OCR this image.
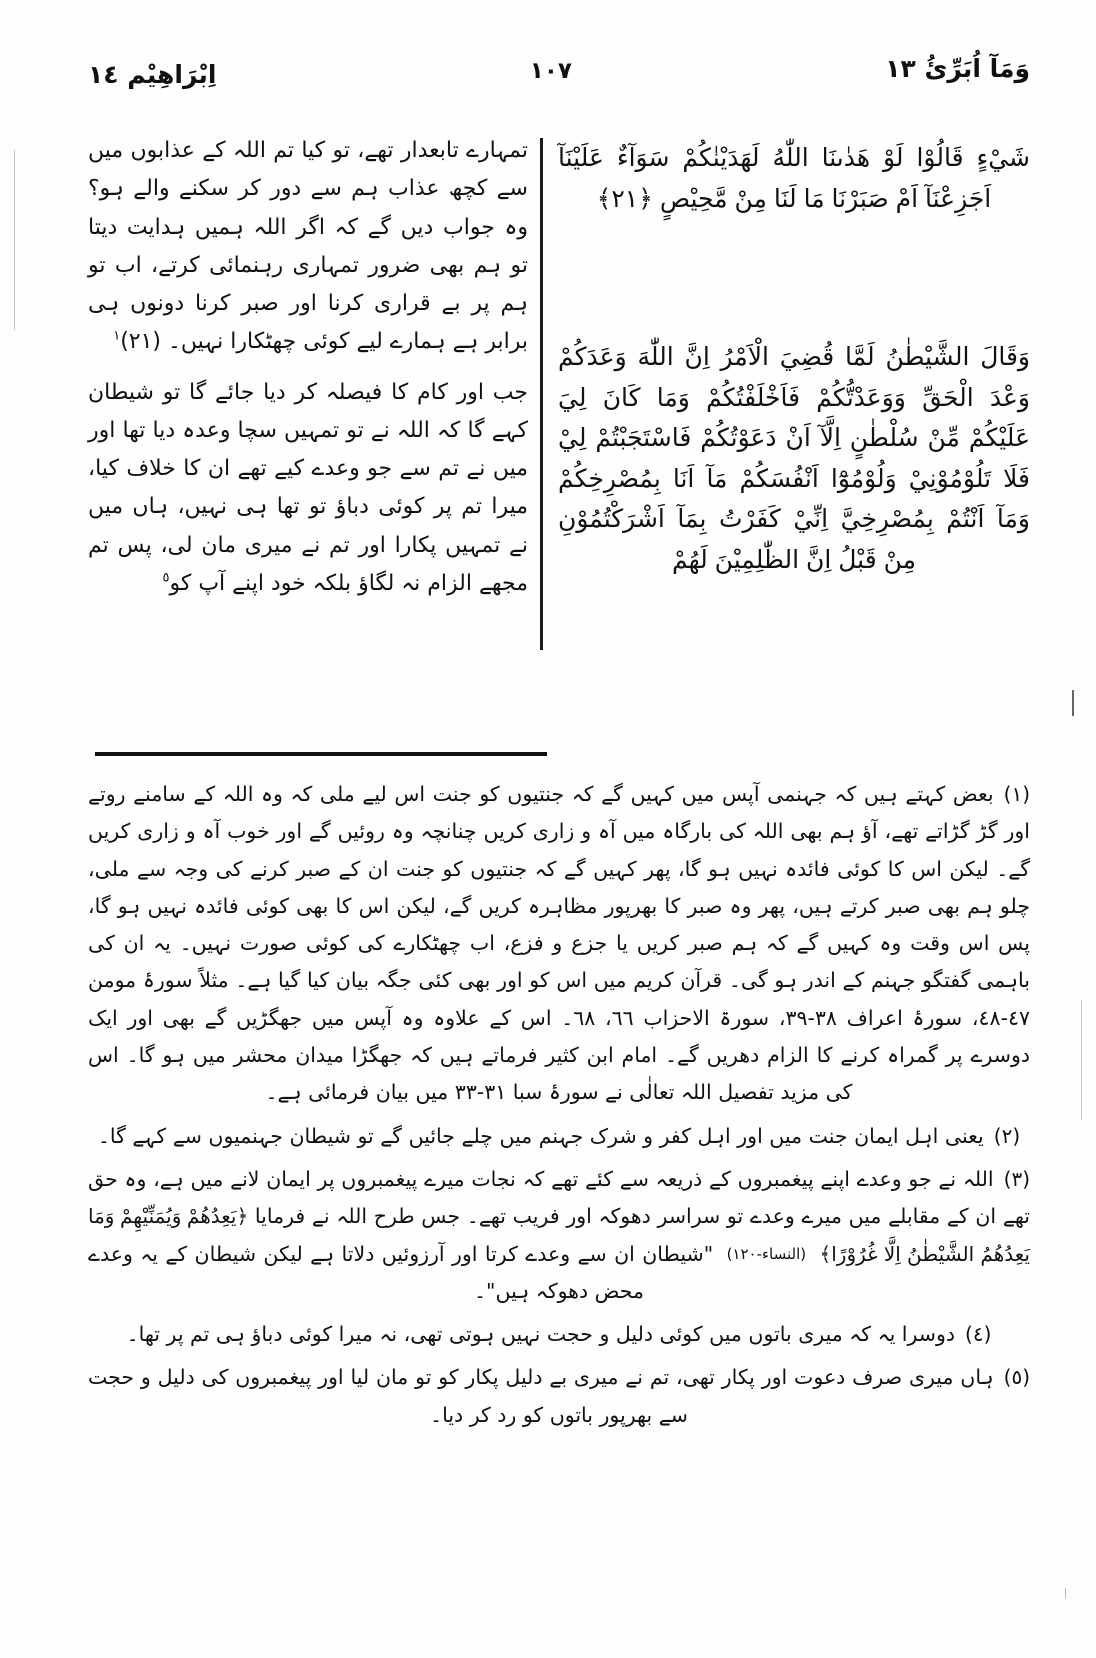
وَمَآ اُبَرِّئُ ١٣
١٠٧
اِبْرَاهِيْم ١٤
شَيْءٍ قَالُوْا لَوْ هَدٰىنَا اللّٰهُ لَهَدَيْنٰكُمْ سَوَآءٌ عَلَيْنَآ اَجَزِعْنَآ اَمْ صَبَرْنَا مَا لَنَا مِنْ مَّحِيْصٍ ﴿٢١﴾
وَقَالَ الشَّيْطٰنُ لَمَّا قُضِيَ الْاَمْرُ اِنَّ اللّٰهَ وَعَدَكُمْ وَعْدَ الْحَقِّ وَوَعَدْتُّكُمْ فَاَخْلَفْتُكُمْ وَمَا كَانَ لِيَ عَلَيْكُمْ مِّنْ سُلْطٰنٍ اِلَّآ اَنْ دَعَوْتُكُمْ فَاسْتَجَبْتُمْ لِيْ فَلَا تَلُوْمُوْنِيْ وَلُوْمُوْٓا اَنْفُسَكُمْ مَآ اَنَا بِمُصْرِخِكُمْ وَمَآ اَنْتُمْ بِمُصْرِخِيَّ اِنِّيْ كَفَرْتُ بِمَآ اَشْرَكْتُمُوْنِ مِنْ قَبْلُ اِنَّ الظّٰلِمِيْنَ لَهُمْ
تمہارے تابعدار تھے، تو کیا تم اللہ کے عذابوں میں سے کچھ عذاب ہم سے دور کر سکنے والے ہو؟ وہ جواب دیں گے کہ اگر اللہ ہمیں ہدایت دیتا تو ہم بھی ضرور تمہاری رہنمائی کرتے، اب تو ہم پر بے قراری کرنا اور صبر کرنا دونوں ہی برابر ہے ہمارے لیے کوئی چھٹکارا نہیں۔ (٢١)$^١$
جب اور کام کا فیصلہ کر دیا جائے گا تو شیطان کہے گا کہ اللہ نے تو تمہیں سچا وعدہ دیا تھا اور میں نے تم سے جو وعدے کیے تھے ان کا خلاف کیا، میرا تم پر کوئی دباؤ تو تھا ہی نہیں، ہاں میں نے تمہیں پکارا اور تم نے میری مان لی، پس تم مجھے الزام نہ لگاؤ بلکہ خود اپنے آپ کو$^٥$
(١)بعض کہتے ہیں کہ جہنمی آپس میں کہیں گے کہ جنتیوں کو جنت اس لیے ملی کہ وہ اللہ کے سامنے روتے اور گڑ گڑاتے تھے، آؤ ہم بھی اللہ کی بارگاہ میں آہ و زاری کریں چنانچہ وہ روئیں گے اور خوب آہ و زاری کریں گے۔ لیکن اس کا کوئی فائدہ نہیں ہو گا، پھر کہیں گے کہ جنتیوں کو جنت ان کے صبر کرنے کی وجہ سے ملی، چلو ہم بھی صبر کرتے ہیں، پھر وہ صبر کا بھرپور مظاہرہ کریں گے، لیکن اس کا بھی کوئی فائدہ نہیں ہو گا، پس اس وقت وہ کہیں گے کہ ہم صبر کریں یا جزع و فزع، اب چھٹکارے کی کوئی صورت نہیں۔ یہ ان کی باہمی گفتگو جہنم کے اندر ہو گی۔ قرآن کریم میں اس کو اور بھی کئی جگہ بیان کیا گیا ہے۔ مثلاً سورۂ مومن ٤٧-٤٨، سورۂ اعراف ٣٨-٣٩، سورۃ الاحزاب ٦٦، ٦٨۔ اس کے علاوہ وہ آپس میں جھگڑیں گے بھی اور ایک دوسرے پر گمراہ کرنے کا الزام دھریں گے۔ امام ابن کثیر فرماتے ہیں کہ جھگڑا میدان محشر میں ہو گا۔ اس کی مزید تفصیل اللہ تعالٰی نے سورۂ سبا ٣١-٣٣ میں بیان فرمائی ہے۔
(٢)یعنی اہل ایمان جنت میں اور اہل کفر و شرک جہنم میں چلے جائیں گے تو شیطان جہنمیوں سے کہے گا۔
(٣)اللہ نے جو وعدے اپنے پیغمبروں کے ذریعہ سے کئے تھے کہ نجات میرے پیغمبروں پر ایمان لانے میں ہے، وہ حق تھے ان کے مقابلے میں میرے وعدے تو سراسر دھوکہ اور فریب تھے۔ جس طرح اللہ نے فرمایا ﴿يَعِدُهُمْ وَيُمَنِّيْهِمْ وَمَا يَعِدُهُمُ الشَّيْطٰنُ اِلَّا غُرُوْرًا﴾ (النساء-١٢٠) "شیطان ان سے وعدے کرتا اور آرزوئیں دلاتا ہے لیکن شیطان کے یہ وعدے محض دھوکہ ہیں"۔
(٤)دوسرا یہ کہ میری باتوں میں کوئی دلیل و حجت نہیں ہوتی تھی، نہ میرا کوئی دباؤ ہی تم پر تھا۔
(٥)ہاں میری صرف دعوت اور پکار تھی، تم نے میری بے دلیل پکار کو تو مان لیا اور پیغمبروں کی دلیل و حجت سے بھرپور باتوں کو رد کر دیا۔
